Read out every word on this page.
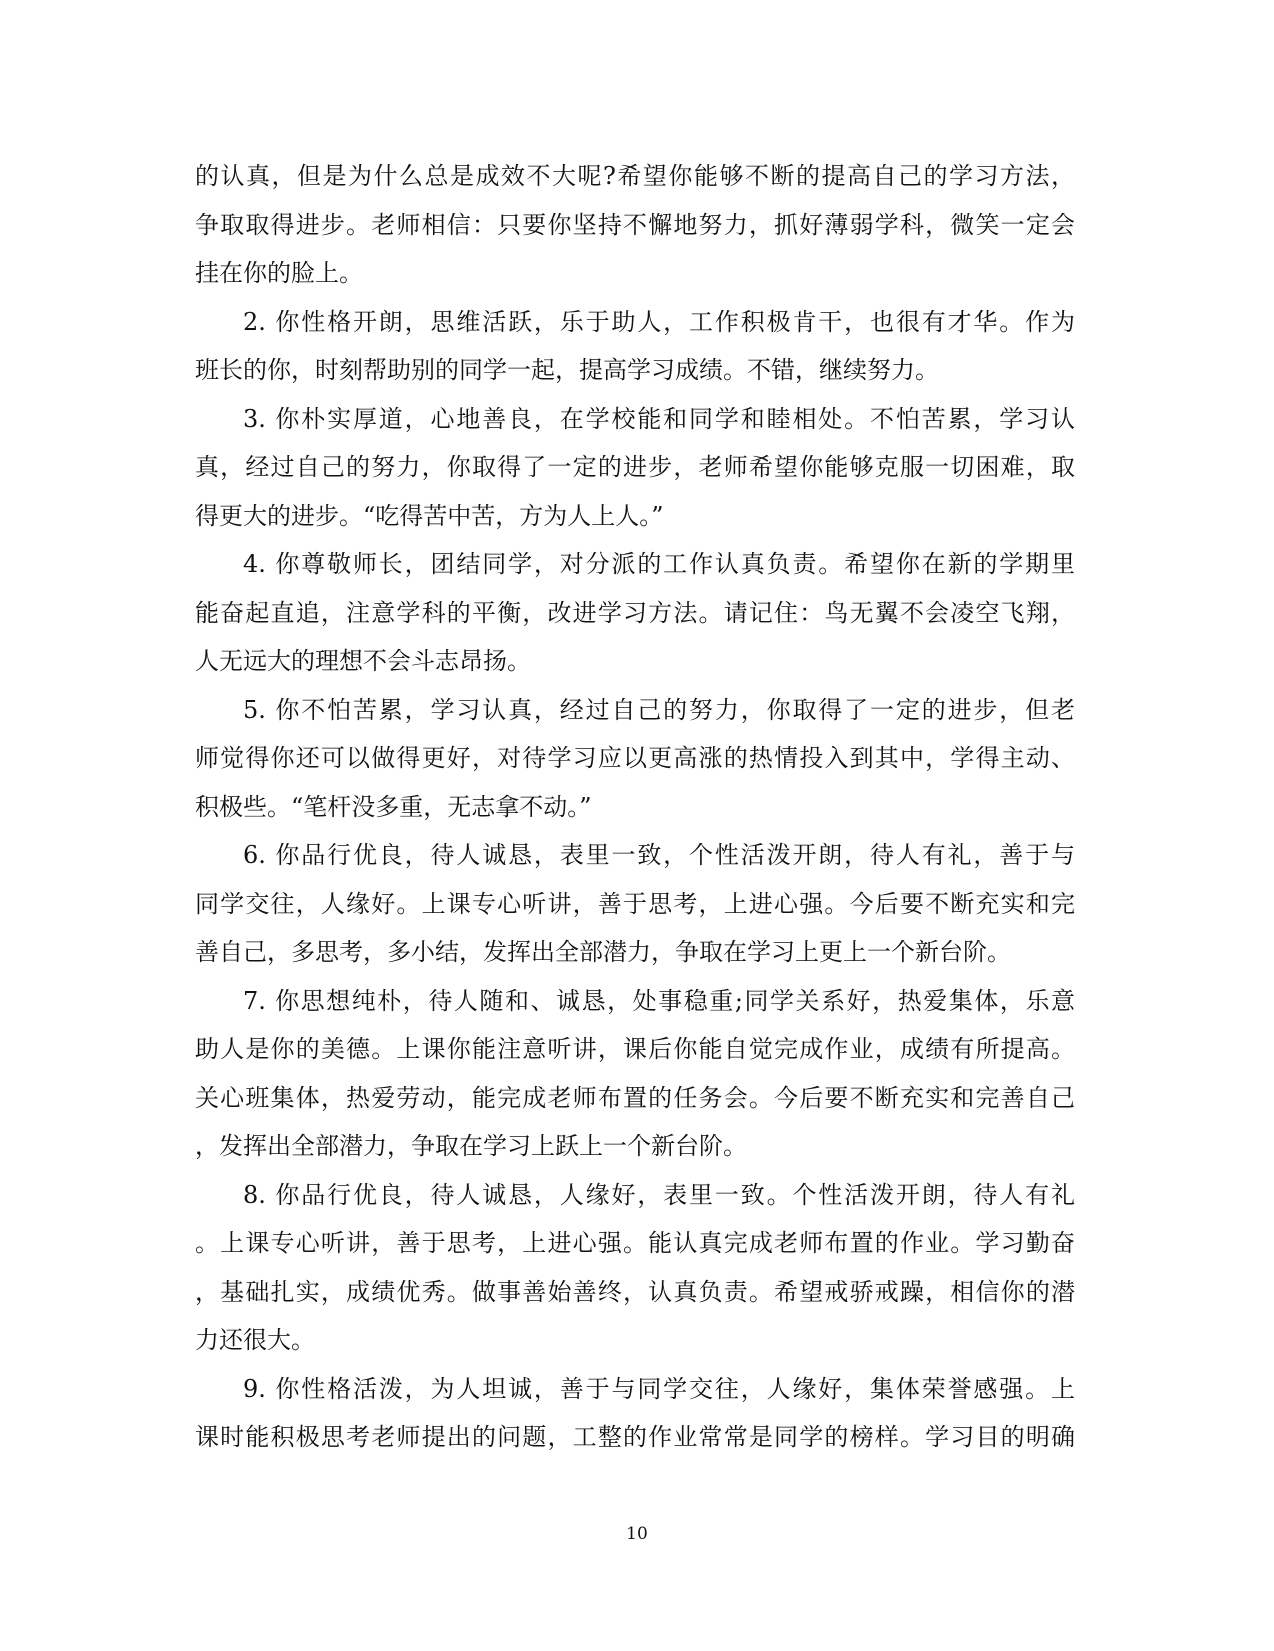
的认真，但是为什么总是成效不大呢?希望你能够不断的提高自己的学习方法，
争取取得进步。老师相信：只要你坚持不懈地努力，抓好薄弱学科，微笑一定会
挂在你的脸上。
2. 你性格开朗，思维活跃，乐于助人，工作积极肯干，也很有才华。作为
班长的你，时刻帮助别的同学一起，提高学习成绩。不错，继续努力。
3. 你朴实厚道，心地善良，在学校能和同学和睦相处。不怕苦累，学习认
真，经过自己的努力，你取得了一定的进步，老师希望你能够克服一切困难，取
得更大的进步。“吃得苦中苦，方为人上人。”
4. 你尊敬师长，团结同学，对分派的工作认真负责。希望你在新的学期里
能奋起直追，注意学科的平衡，改进学习方法。请记住：鸟无翼不会凌空飞翔，
人无远大的理想不会斗志昂扬。
5. 你不怕苦累，学习认真，经过自己的努力，你取得了一定的进步，但老
师觉得你还可以做得更好，对待学习应以更高涨的热情投入到其中，学得主动、
积极些。“笔杆没多重，无志拿不动。”
6. 你品行优良，待人诚恳，表里一致，个性活泼开朗，待人有礼，善于与
同学交往，人缘好。上课专心听讲，善于思考，上进心强。今后要不断充实和完
善自己，多思考，多小结，发挥出全部潜力，争取在学习上更上一个新台阶。
7. 你思想纯朴，待人随和、诚恳，处事稳重;同学关系好，热爱集体，乐意
助人是你的美德。上课你能注意听讲，课后你能自觉完成作业，成绩有所提高。
关心班集体，热爱劳动，能完成老师布置的任务会。今后要不断充实和完善自己
，发挥出全部潜力，争取在学习上跃上一个新台阶。
8. 你品行优良，待人诚恳，人缘好，表里一致。个性活泼开朗，待人有礼
。上课专心听讲，善于思考，上进心强。能认真完成老师布置的作业。学习勤奋
，基础扎实，成绩优秀。做事善始善终，认真负责。希望戒骄戒躁，相信你的潜
力还很大。
9. 你性格活泼，为人坦诚，善于与同学交往，人缘好，集体荣誉感强。上
课时能积极思考老师提出的问题，工整的作业常常是同学的榜样。学习目的明确
10
